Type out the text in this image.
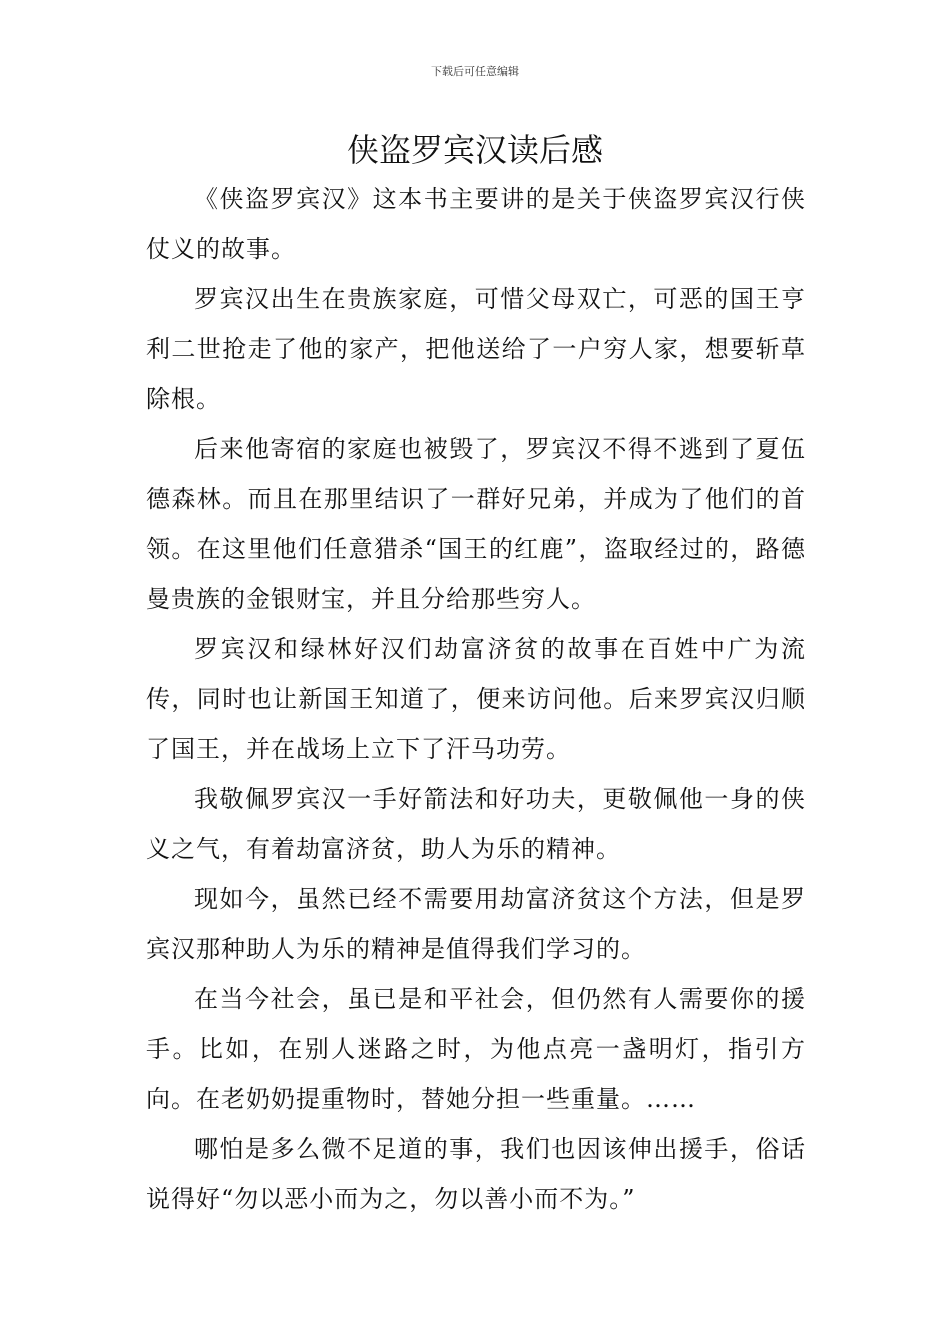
下载后可任意编辑
侠盗罗宾汉读后感

《侠盗罗宾汉》这本书主要讲的是关于侠盗罗宾汉行侠仗义的故事。

罗宾汉出生在贵族家庭，可惜父母双亡，可恶的国王亨利二世抢走了他的家产，把他送给了一户穷人家，想要斩草除根。

后来他寄宿的家庭也被毁了，罗宾汉不得不逃到了夏伍德森林。而且在那里结识了一群好兄弟，并成为了他们的首领。在这里他们任意猎杀“国王的红鹿”，盗取经过的，路德曼贵族的金银财宝，并且分给那些穷人。

罗宾汉和绿林好汉们劫富济贫的故事在百姓中广为流传，同时也让新国王知道了，便来访问他。后来罗宾汉归顺了国王，并在战场上立下了汗马功劳。

我敬佩罗宾汉一手好箭法和好功夫，更敬佩他一身的侠义之气，有着劫富济贫，助人为乐的精神。

现如今，虽然已经不需要用劫富济贫这个方法，但是罗宾汉那种助人为乐的精神是值得我们学习的。

在当今社会，虽已是和平社会，但仍然有人需要你的援手。比如，在别人迷路之时，为他点亮一盏明灯，指引方向。在老奶奶提重物时，替她分担一些重量。……

哪怕是多么微不足道的事，我们也因该伸出援手，俗话说得好“勿以恶小而为之，勿以善小而不为。”
